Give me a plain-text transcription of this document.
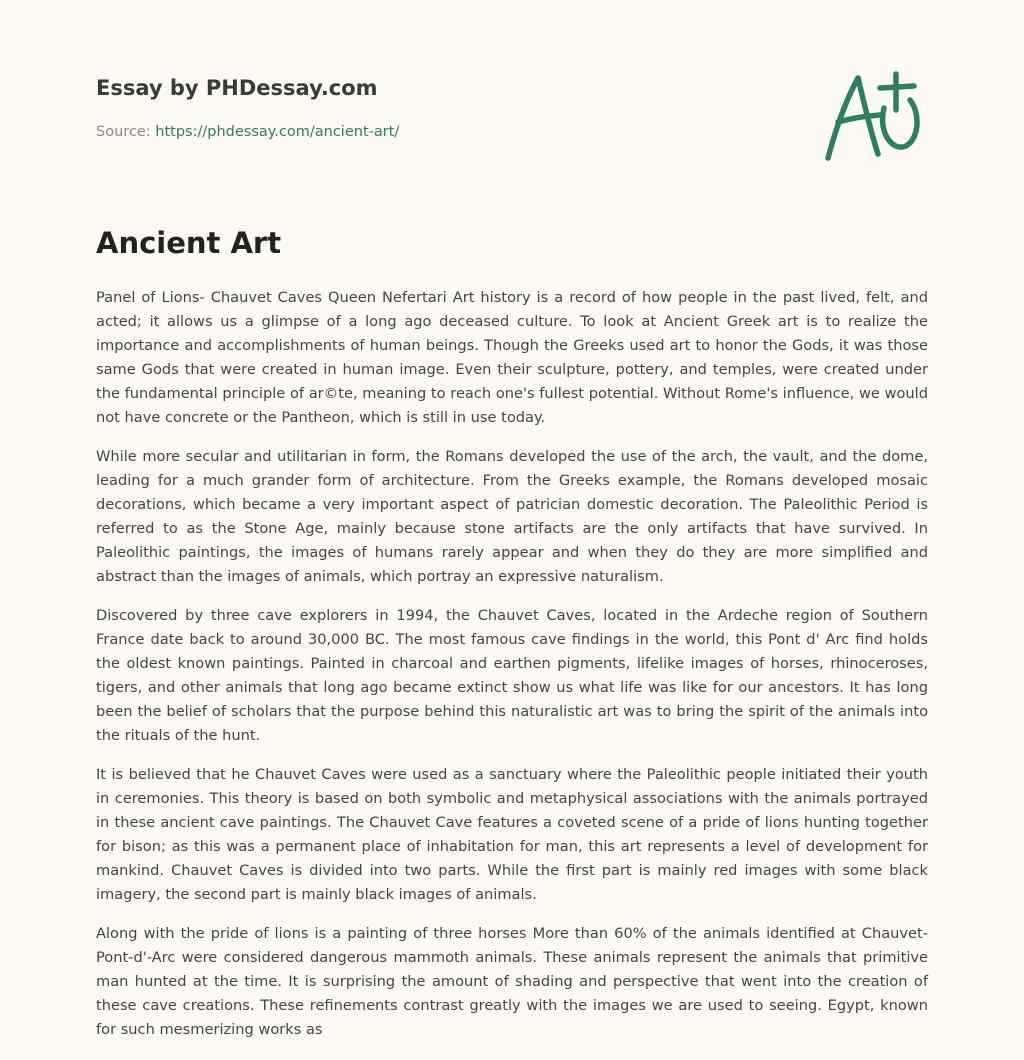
Essay by PHDessay.com
Source: https://phdessay.com/ancient-art/
Ancient Art

Panel of Lions- Chauvet Caves Queen Nefertari Art history is a record of how people in the past lived, felt, and acted; it allows us a glimpse of a long ago deceased culture. To look at Ancient Greek art is to realize the importance and accomplishments of human beings. Though the Greeks used art to honor the Gods, it was those same Gods that were created in human image. Even their sculpture, pottery, and temples, were created under the fundamental principle of ar©te, meaning to reach one's fullest potential. Without Rome's influence, we would not have concrete or the Pantheon, which is still in use today.

While more secular and utilitarian in form, the Romans developed the use of the arch, the vault, and the dome, leading for a much grander form of architecture. From the Greeks example, the Romans developed mosaic decorations, which became a very important aspect of patrician domestic decoration. The Paleolithic Period is referred to as the Stone Age, mainly because stone artifacts are the only artifacts that have survived. In Paleolithic paintings, the images of humans rarely appear and when they do they are more simplified and abstract than the images of animals, which portray an expressive naturalism.

Discovered by three cave explorers in 1994, the Chauvet Caves, located in the Ardeche region of Southern France date back to around 30,000 BC. The most famous cave findings in the world, this Pont d' Arc find holds the oldest known paintings. Painted in charcoal and earthen pigments, lifelike images of horses, rhinoceroses, tigers, and other animals that long ago became extinct show us what life was like for our ancestors. It has long been the belief of scholars that the purpose behind this naturalistic art was to bring the spirit of the animals into the rituals of the hunt.

It is believed that he Chauvet Caves were used as a sanctuary where the Paleolithic people initiated their youth in ceremonies. This theory is based on both symbolic and metaphysical associations with the animals portrayed in these ancient cave paintings. The Chauvet Cave features a coveted scene of a pride of lions hunting together for bison; as this was a permanent place of inhabitation for man, this art represents a level of development for mankind. Chauvet Caves is divided into two parts. While the first part is mainly red images with some black imagery, the second part is mainly black images of animals.

Along with the pride of lions is a painting of three horses More than 60% of the animals identified at Chauvet-Pont-d'-Arc were considered dangerous mammoth animals. These animals represent the animals that primitive man hunted at the time. It is surprising the amount of shading and perspective that went into the creation of these cave creations. These refinements contrast greatly with the images we are used to seeing. Egypt, known for such mesmerizing works as
